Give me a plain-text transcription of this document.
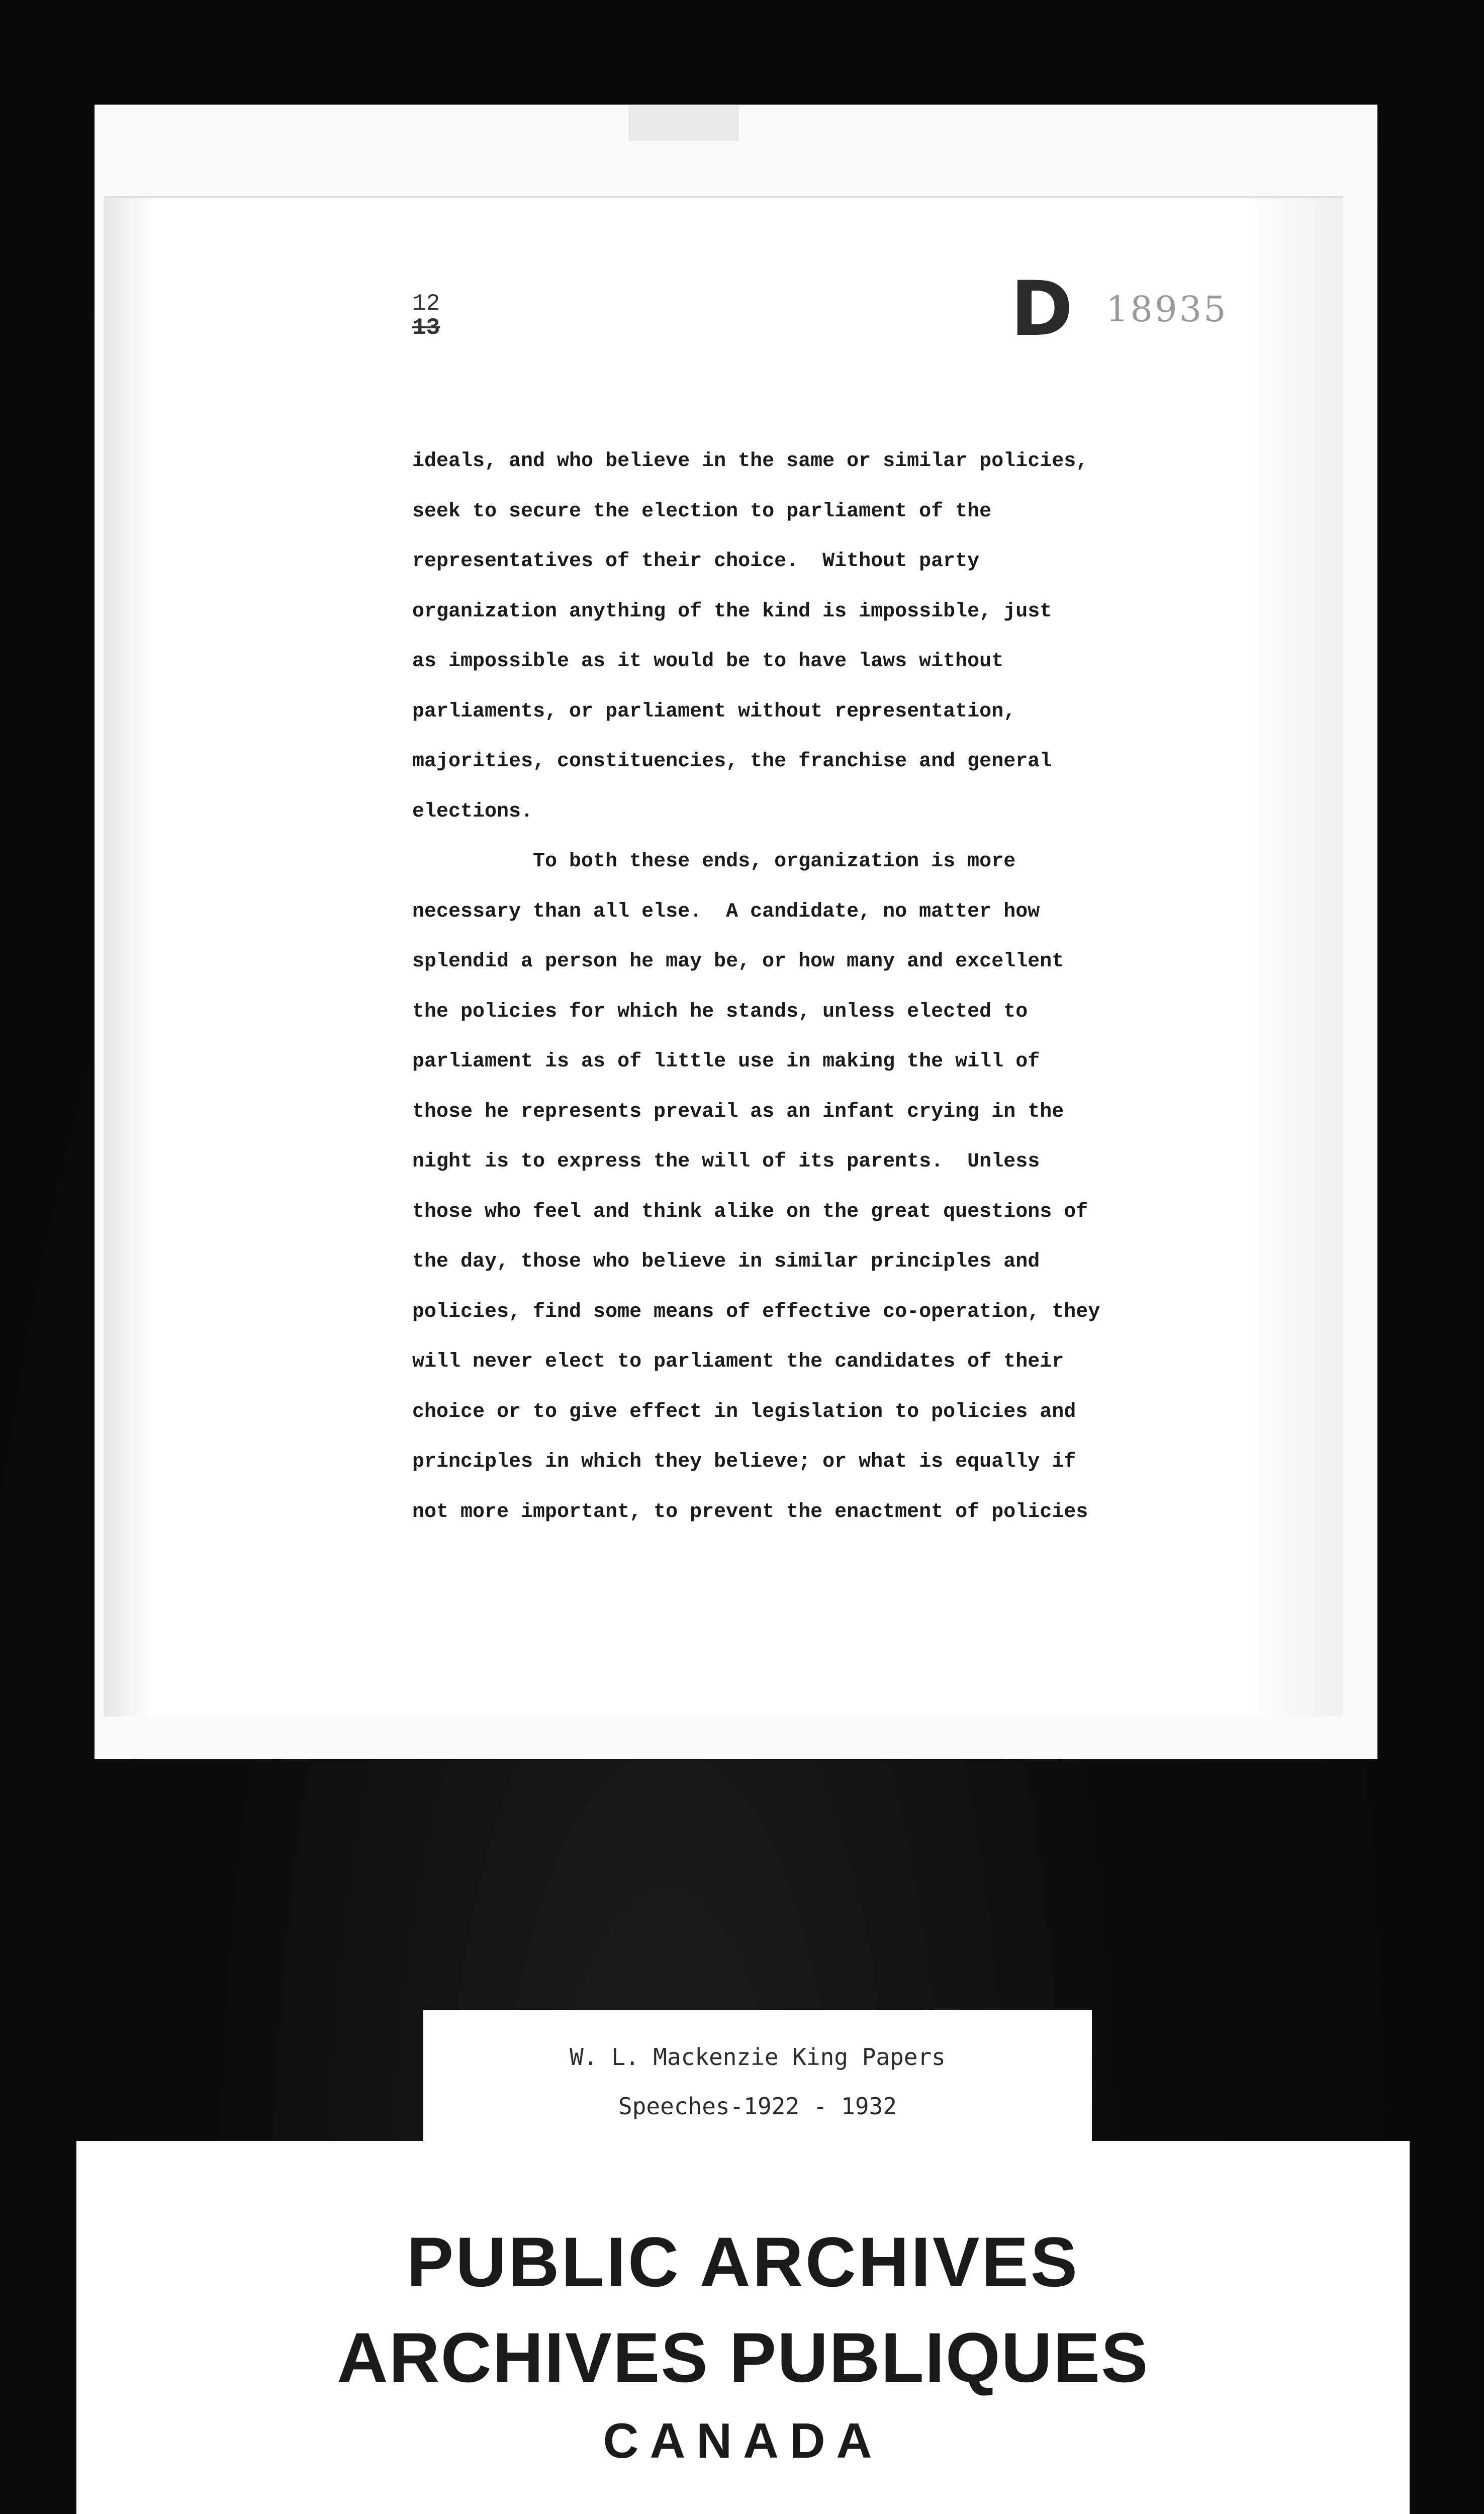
12
13	D 18935
ideals, and who believe in the same or similar policies,
seek to secure the election to parliament of the
representatives of their choice.  Without party
organization anything of the kind is impossible, just
as impossible as it would be to have laws without
parliaments, or parliament without representation,
majorities, constituencies, the franchise and general
elections.
To both these ends, organization is more
necessary than all else.  A candidate, no matter how
splendid a person he may be, or how many and excellent
the policies for which he stands, unless elected to
parliament is as of little use in making the will of
those he represents prevail as an infant crying in the
night is to express the will of its parents.  Unless
those who feel and think alike on the great questions of
the day, those who believe in similar principles and
policies, find some means of effective co-operation, they
will never elect to parliament the candidates of their
choice or to give effect in legislation to policies and
principles in which they believe; or what is equally if
not more important, to prevent the enactment of policies
W. L. Mackenzie King Papers
Speeches-1922 - 1932
PUBLIC ARCHIVES
ARCHIVES PUBLIQUES
CANADA
